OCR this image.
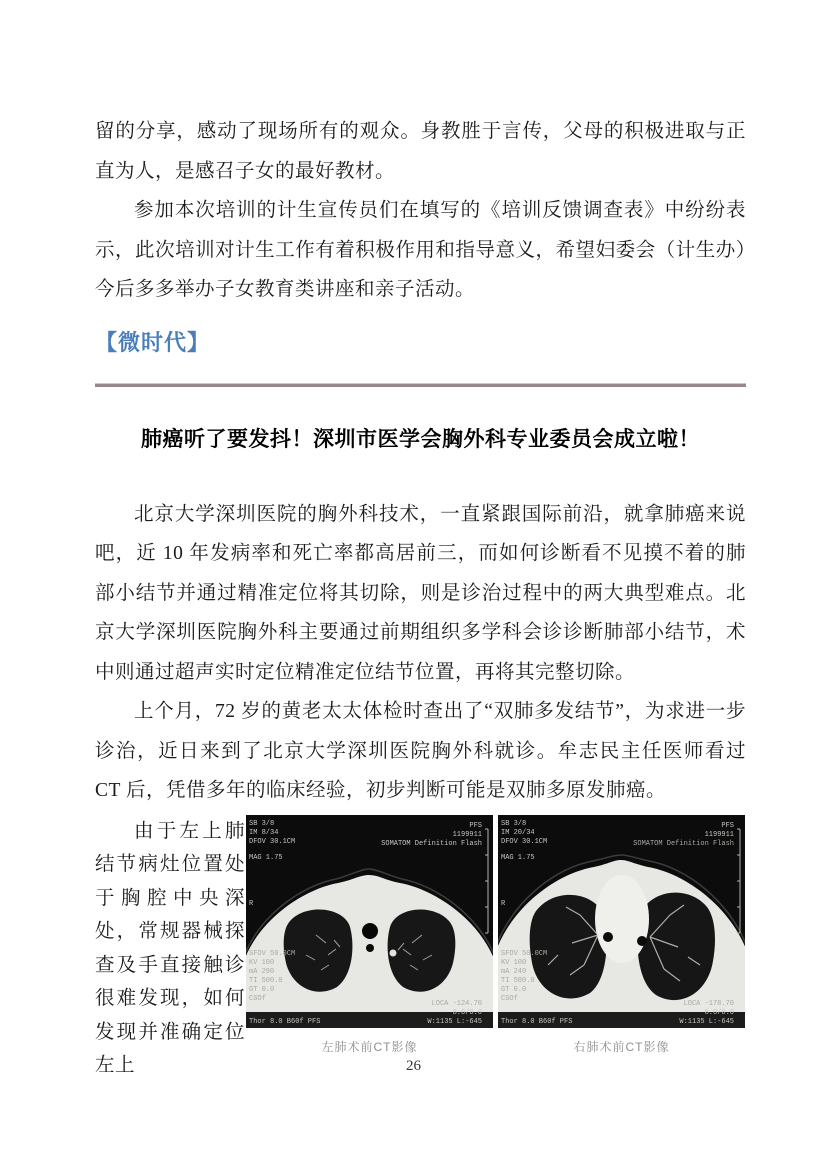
留的分享，感动了现场所有的观众。身教胜于言传，父母的积极进取与正直为人，是感召子女的最好教材。

参加本次培训的计生宣传员们在填写的《培训反馈调查表》中纷纷表示，此次培训对计生工作有着积极作用和指导意义，希望妇委会（计生办）今后多多举办子女教育类讲座和亲子活动。

【微时代】
肺癌听了要发抖！深圳市医学会胸外科专业委员会成立啦！

北京大学深圳医院的胸外科技术，一直紧跟国际前沿，就拿肺癌来说吧，近 10 年发病率和死亡率都高居前三，而如何诊断看不见摸不着的肺部小结节并通过精准定位将其切除，则是诊治过程中的两大典型难点。北京大学深圳医院胸外科主要通过前期组织多学科会诊诊断肺部小结节，术中则通过超声实时定位精准定位结节位置，再将其完整切除。

上个月，72 岁的黄老太太体检时查出了“双肺多发结节”，为求进一步诊治，近日来到了北京大学深圳医院胸外科就诊。牟志民主任医师看过 CT 后，凭借多年的临床经验，初步判断可能是双肺多原发肺癌。

由于左上肺结节病灶位置处于胸腔中央深处，常规器械探查及手直接触诊很难发现，如何发现并准确定位左上
SB 3/8
IM 8/34
DFOV 30.1CM
MAG 1.75
PFS
1199911
SOMATOM Definition Flash
R
SFOV 50.0CM
KV 100
mA 290
TI 500.0
GT 0.0
CSOf
Thor 8.0 B60f PFS
LOCA -124.70
8.0/0.0
W:1135 L:-645
SB 3/8
IM 20/34
DFOV 30.1CM
MAG 1.75
PFS
1199911
SOMATOM Definition Flash
R
SFOV 50.0CM
KV 100
mA 240
TI 500.0
GT 0.0
CSOf
Thor 8.0 B60f PFS
LOCA -178.70
8.0/0.0
W:1135 L:-645
左肺术前CT影像	右肺术前CT影像
26
